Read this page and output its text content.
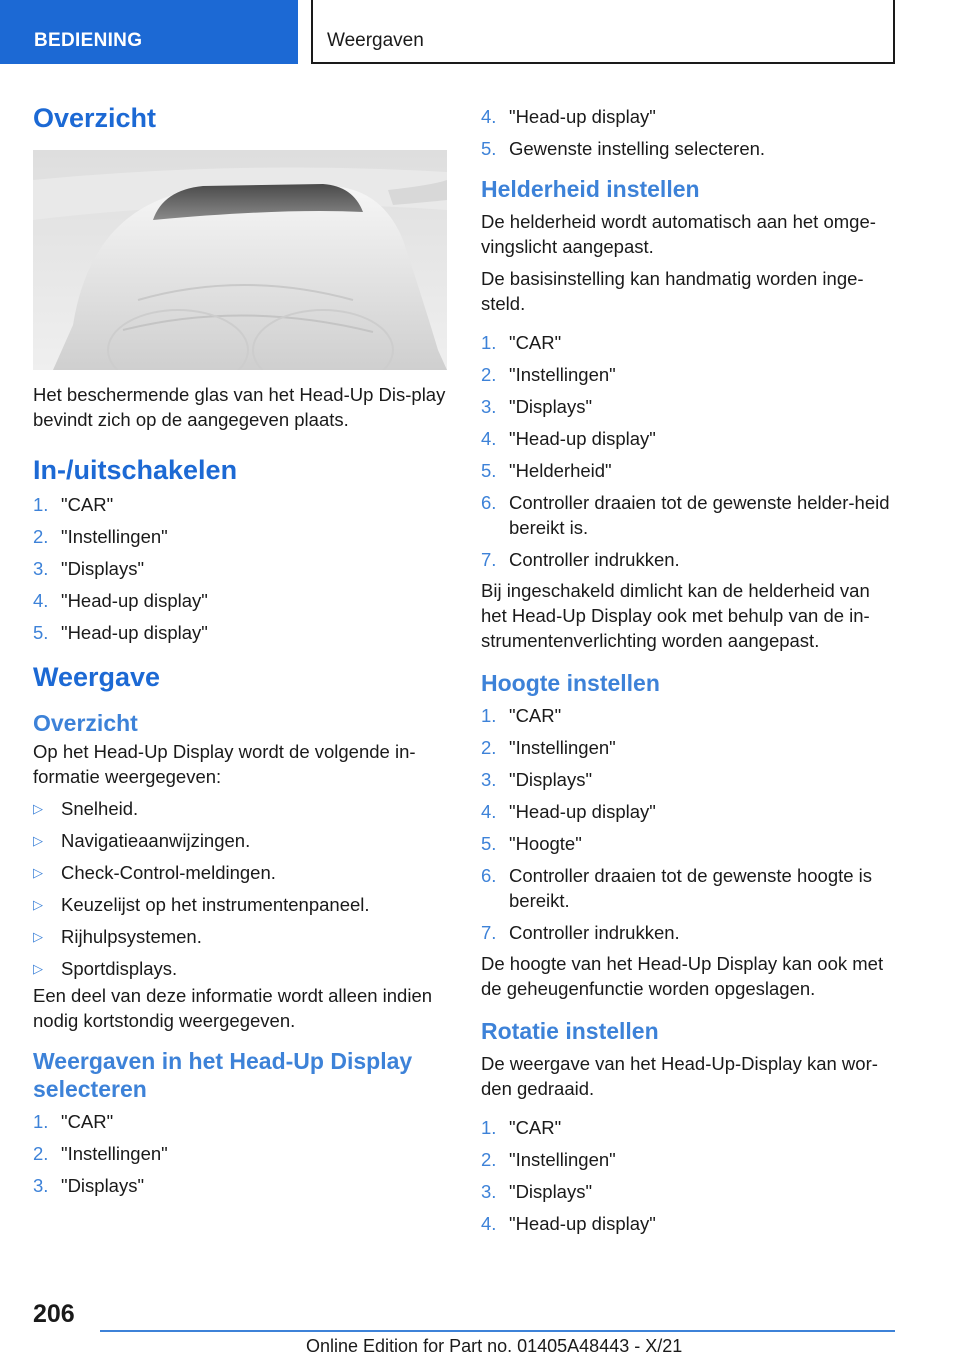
BEDIENING	Weergaven
Overzicht

Het beschermende glas van het Head-Up Dis-play bevindt zich op de aangegeven plaats.

In-/uitschakelen
1. "CAR"
2. "Instellingen"
3. "Displays"
4. "Head-up display"
5. "Head-up display"
Weergave
Overzicht

Op het Head-Up Display wordt de volgende in-formatie weergegeven:

▷ Snelheid.
▷ Navigatieaanwijzingen.
▷ Check-Control-meldingen.
▷ Keuzelijst op het instrumentenpaneel.
▷ Rijhulpsystemen.
▷ Sportdisplays.

Een deel van deze informatie wordt alleen indien nodig kortstondig weergegeven.

Weergaven in het Head-Up Display selecteren
1. "CAR"
2. "Instellingen"
3. "Displays"
4. "Head-up display"
5. Gewenste instelling selecteren.
Helderheid instellen

De helderheid wordt automatisch aan het omge-vingslicht aangepast.

De basisinstelling kan handmatig worden inge-steld.

1. "CAR"
2. "Instellingen"
3. "Displays"
4. "Head-up display"
5. "Helderheid"
6. Controller draaien tot de gewenste helder-heid bereikt is.
7. Controller indrukken.

Bij ingeschakeld dimlicht kan de helderheid van het Head-Up Display ook met behulp van de in-strumentenverlichting worden aangepast.

Hoogte instellen
1. "CAR"
2. "Instellingen"
3. "Displays"
4. "Head-up display"
5. "Hoogte"
6. Controller draaien tot de gewenste hoogte is bereikt.
7. Controller indrukken.

De hoogte van het Head-Up Display kan ook met de geheugenfunctie worden opgeslagen.

Rotatie instellen

De weergave van het Head-Up-Display kan wor-den gedraaid.

1. "CAR"
2. "Instellingen"
3. "Displays"
4. "Head-up display"
206
Online Edition for Part no. 01405A48443 - X/21
